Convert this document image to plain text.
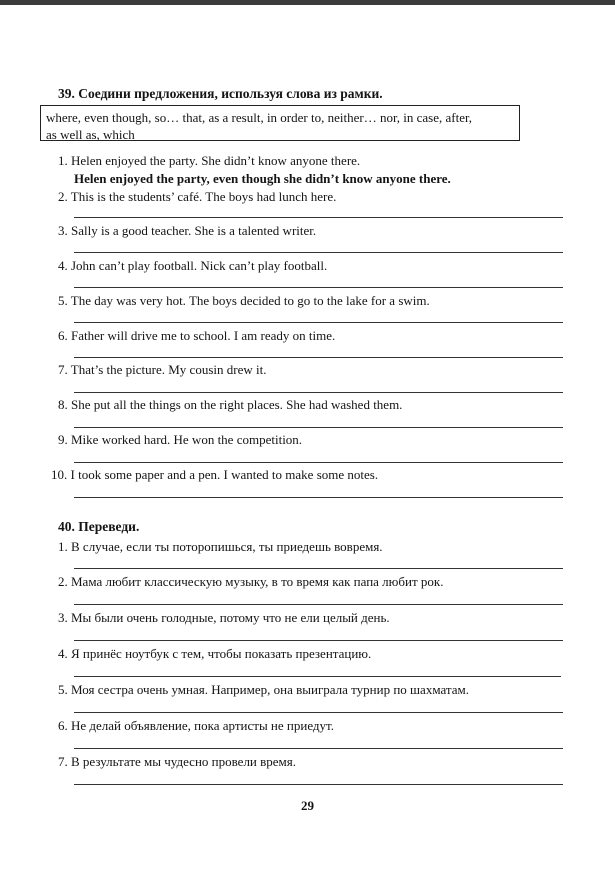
39. Соедини предложения, используя слова из рамки.
where, even though, so… that, as a result, in order to, neither… nor, in case, after,
as well as, which
1. Helen enjoyed the party. She didn’t know anyone there.
Helen enjoyed the party, even though she didn’t know anyone there.
2. This is the students’ café. The boys had lunch here.
3. Sally is a good teacher. She is a talented writer.
4. John can’t play football. Nick can’t play football.
5. The day was very hot. The boys decided to go to the lake for a swim.
6. Father will drive me to school. I am ready on time.
7. That’s the picture. My cousin drew it.
8. She put all the things on the right places. She had washed them.
9. Mike worked hard. He won the competition.
10. I took some paper and a pen. I wanted to make some notes.
40. Переведи.
1. В случае, если ты поторопишься, ты приедешь вовремя.
2. Мама любит классическую музыку, в то время как папа любит рок.
3. Мы были очень голодные, потому что не ели целый день.
4. Я принёс ноутбук с тем, чтобы показать презентацию.
5. Моя сестра очень умная. Например, она выиграла турнир по шахматам.
6. Не делай объявление, пока артисты не приедут.
7. В результате мы чудесно провели время.
29
